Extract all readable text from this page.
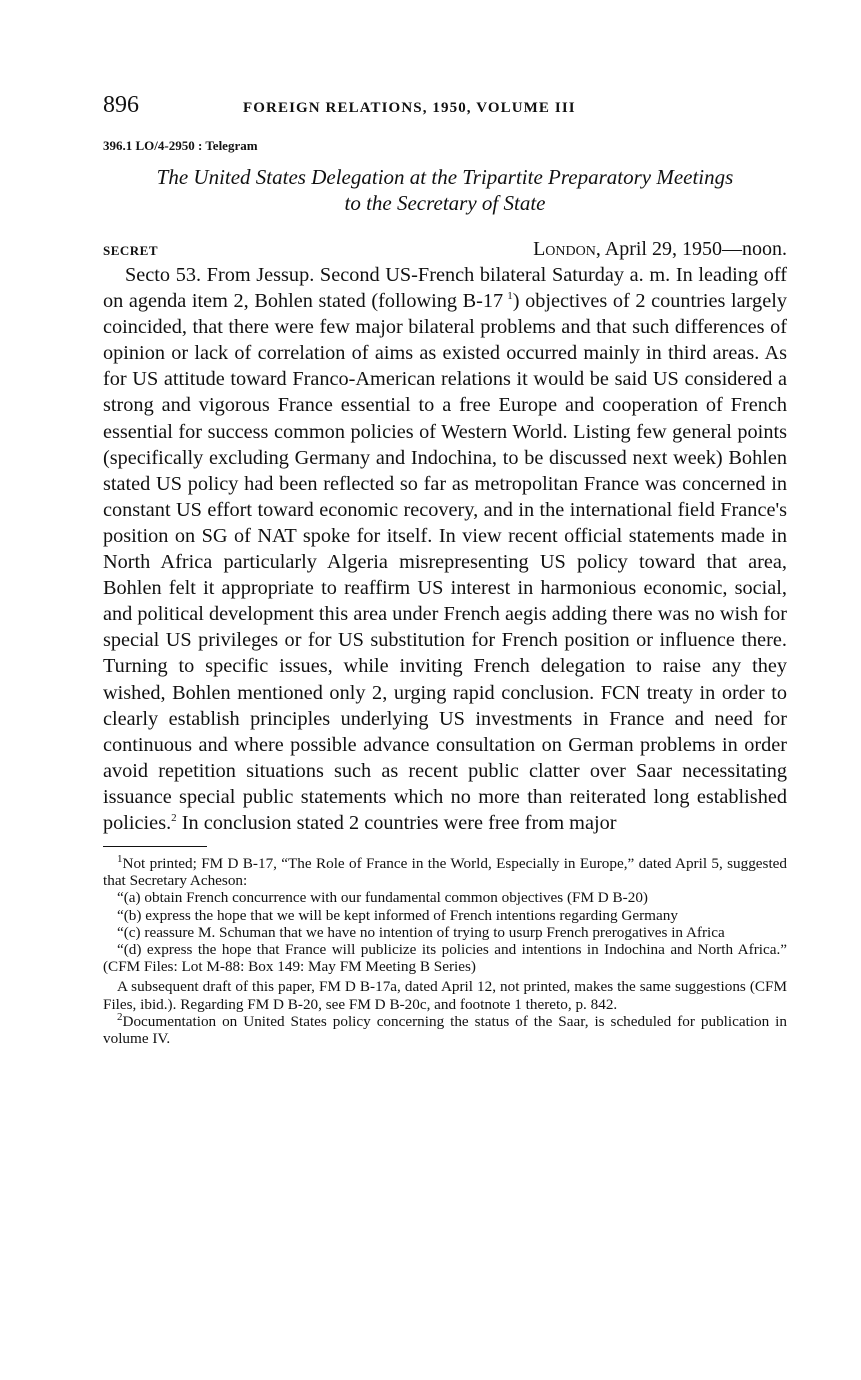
896	FOREIGN RELATIONS, 1950, VOLUME III
396.1 LO/4-2950 : Telegram
The United States Delegation at the Tripartite Preparatory Meetings
to the Secretary of State
SECRET	London, April 29, 1950—noon.
Secto 53. From Jessup. Second US-French bilateral Saturday a. m. In leading off on agenda item 2, Bohlen stated (following B-17  $^1$) objectives of 2 countries largely coincided, that there were few major bilateral problems and that such differences of opinion or lack of correlation of aims as existed occurred mainly in third areas. As for US attitude toward Franco-American relations it would be said US considered a strong and vigorous France essential to a free Europe and cooperation of French essential for success common policies of Western World. Listing few general points (specifically excluding Germany and Indochina, to be discussed next week) Bohlen stated US policy had been reflected so far as metropolitan France was concerned in constant US effort toward economic recovery, and in the international field France's position on SG of NAT spoke for itself. In view recent official statements made in North Africa particularly Algeria misrepresenting US policy toward that area, Bohlen felt it appropriate to reaffirm US interest in harmonious economic, social, and political development this area under French aegis adding there was no wish for special US privileges or for US substitution for French position or influence there. Turning to specific issues, while inviting French delegation to raise any they wished, Bohlen mentioned only 2, urging rapid conclusion. FCN treaty in order to clearly establish principles underlying US investments in France and need for continuous and where possible advance consultation on German problems in order avoid repetition situations such as recent public clatter over Saar necessitating issuance special public statements which no more than reiterated long established policies.$^2$ In conclusion stated 2 countries were free from major

$^1$Not printed; FM D B-17, “The Role of France in the World, Especially in Europe,” dated April 5, suggested that Secretary Acheson:

“(a) obtain French concurrence with our fundamental common objectives (FM D B-20)

“(b) express the hope that we will be kept informed of French intentions regarding Germany

“(c) reassure M. Schuman that we have no intention of trying to usurp French prerogatives in Africa

“(d) express the hope that France will publicize its policies and intentions in Indochina and North Africa.” (CFM Files: Lot M-88: Box 149: May FM Meeting B Series)

A subsequent draft of this paper, FM D B-17a, dated April 12, not printed, makes the same suggestions (CFM Files, ibid.). Regarding FM D B-20, see FM D B-20c, and footnote 1 thereto, p. 842.

$^2$Documentation on United States policy concerning the status of the Saar, is scheduled for publication in volume IV.
